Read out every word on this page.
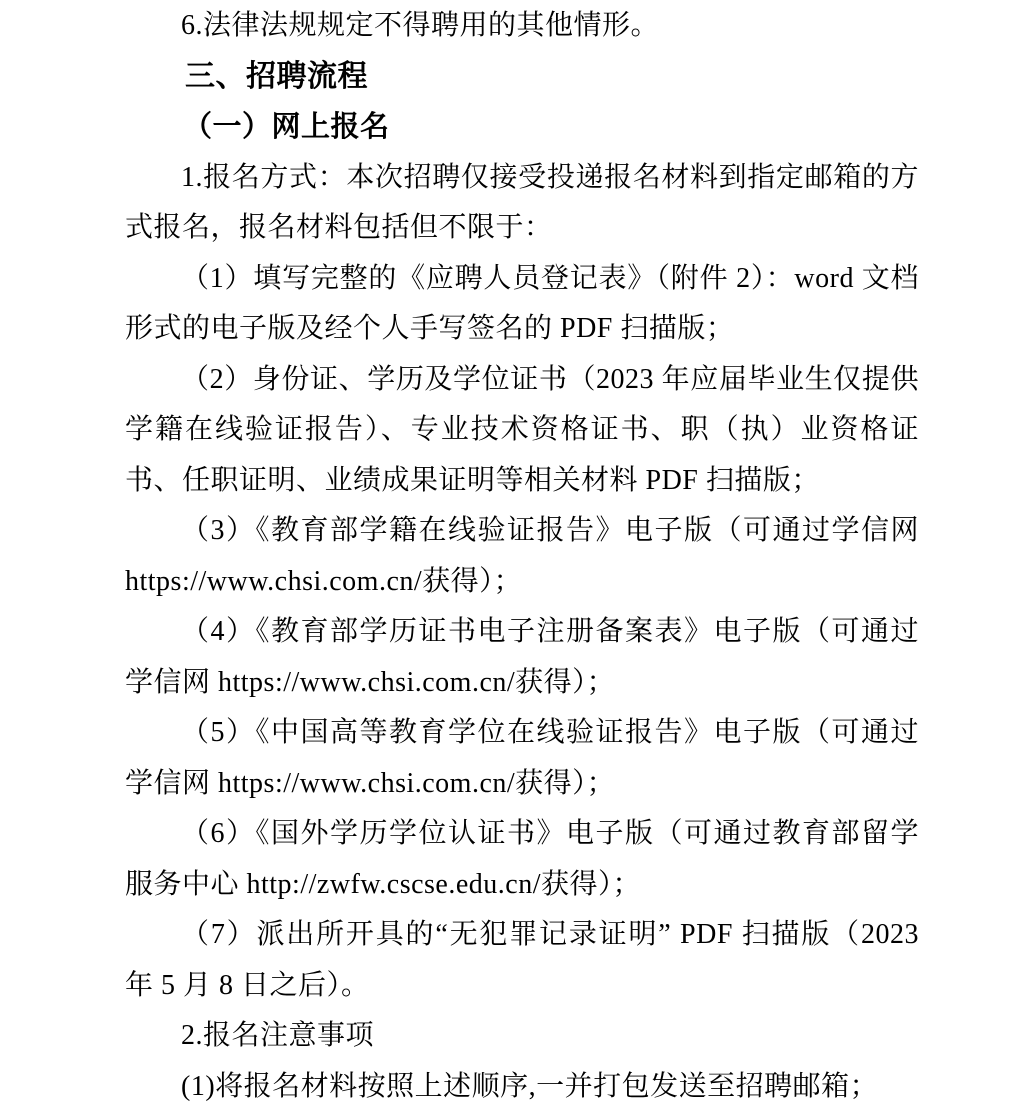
6.法律法规规定不得聘用的其他情形。

三、招聘流程

（一）网上报名

1.报名方式：本次招聘仅接受投递报名材料到指定邮箱的方式报名，报名材料包括但不限于：

（1）填写完整的《应聘人员登记表》（附件 2）：word 文档形式的电子版及经个人手写签名的 PDF 扫描版；

（2）身份证、学历及学位证书（2023 年应届毕业生仅提供学籍在线验证报告）、专业技术资格证书、职（执）业资格证书、任职证明、业绩成果证明等相关材料 PDF 扫描版；

（3）《教育部学籍在线验证报告》电子版（可通过学信网 https://www.chsi.com.cn/获得）；

（4）《教育部学历证书电子注册备案表》电子版（可通过学信网 https://www.chsi.com.cn/获得）；

（5）《中国高等教育学位在线验证报告》电子版（可通过学信网 https://www.chsi.com.cn/获得）；

（6）《国外学历学位认证书》电子版（可通过教育部留学服务中心 http://zwfw.cscse.edu.cn/获得）；

（7）派出所开具的“无犯罪记录证明” PDF 扫描版（2023 年 5 月 8 日之后）。

2.报名注意事项

(1)将报名材料按照上述顺序,一并打包发送至招聘邮箱；
